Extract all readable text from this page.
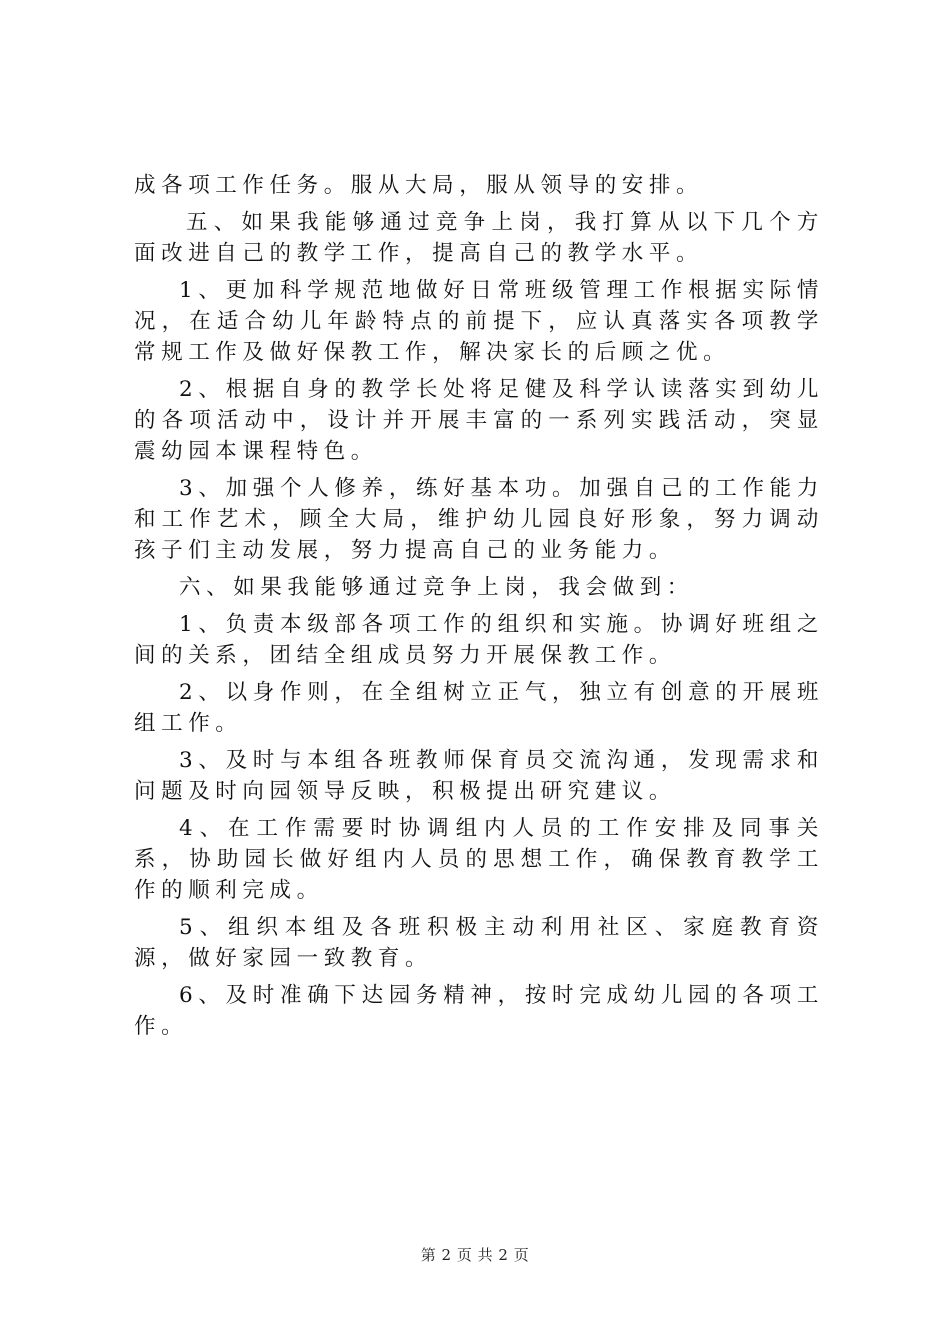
成各项工作任务。服从大局，服从领导的安排。

五、如果我能够通过竞争上岗，我打算从以下几个方面改进自己的教学工作，提高自己的教学水平。

1、更加科学规范地做好日常班级管理工作根据实际情况，在适合幼儿年龄特点的前提下，应认真落实各项教学常规工作及做好保教工作，解决家长的后顾之优。

2、根据自身的教学长处将足健及科学认读落实到幼儿的各项活动中，设计并开展丰富的一系列实践活动，突显震幼园本课程特色。

3、加强个人修养，练好基本功。加强自己的工作能力和工作艺术，顾全大局，维护幼儿园良好形象，努力调动孩子们主动发展，努力提高自己的业务能力。

六、如果我能够通过竞争上岗，我会做到：

1、负责本级部各项工作的组织和实施。协调好班组之间的关系，团结全组成员努力开展保教工作。

2、以身作则，在全组树立正气，独立有创意的开展班组工作。

3、及时与本组各班教师保育员交流沟通，发现需求和问题及时向园领导反映，积极提出研究建议。

4、在工作需要时协调组内人员的工作安排及同事关系，协助园长做好组内人员的思想工作，确保教育教学工作的顺利完成。

5、组织本组及各班积极主动利用社区、家庭教育资源，做好家园一致教育。

6、及时准确下达园务精神，按时完成幼儿园的各项工作。

第 2 页 共 2 页
